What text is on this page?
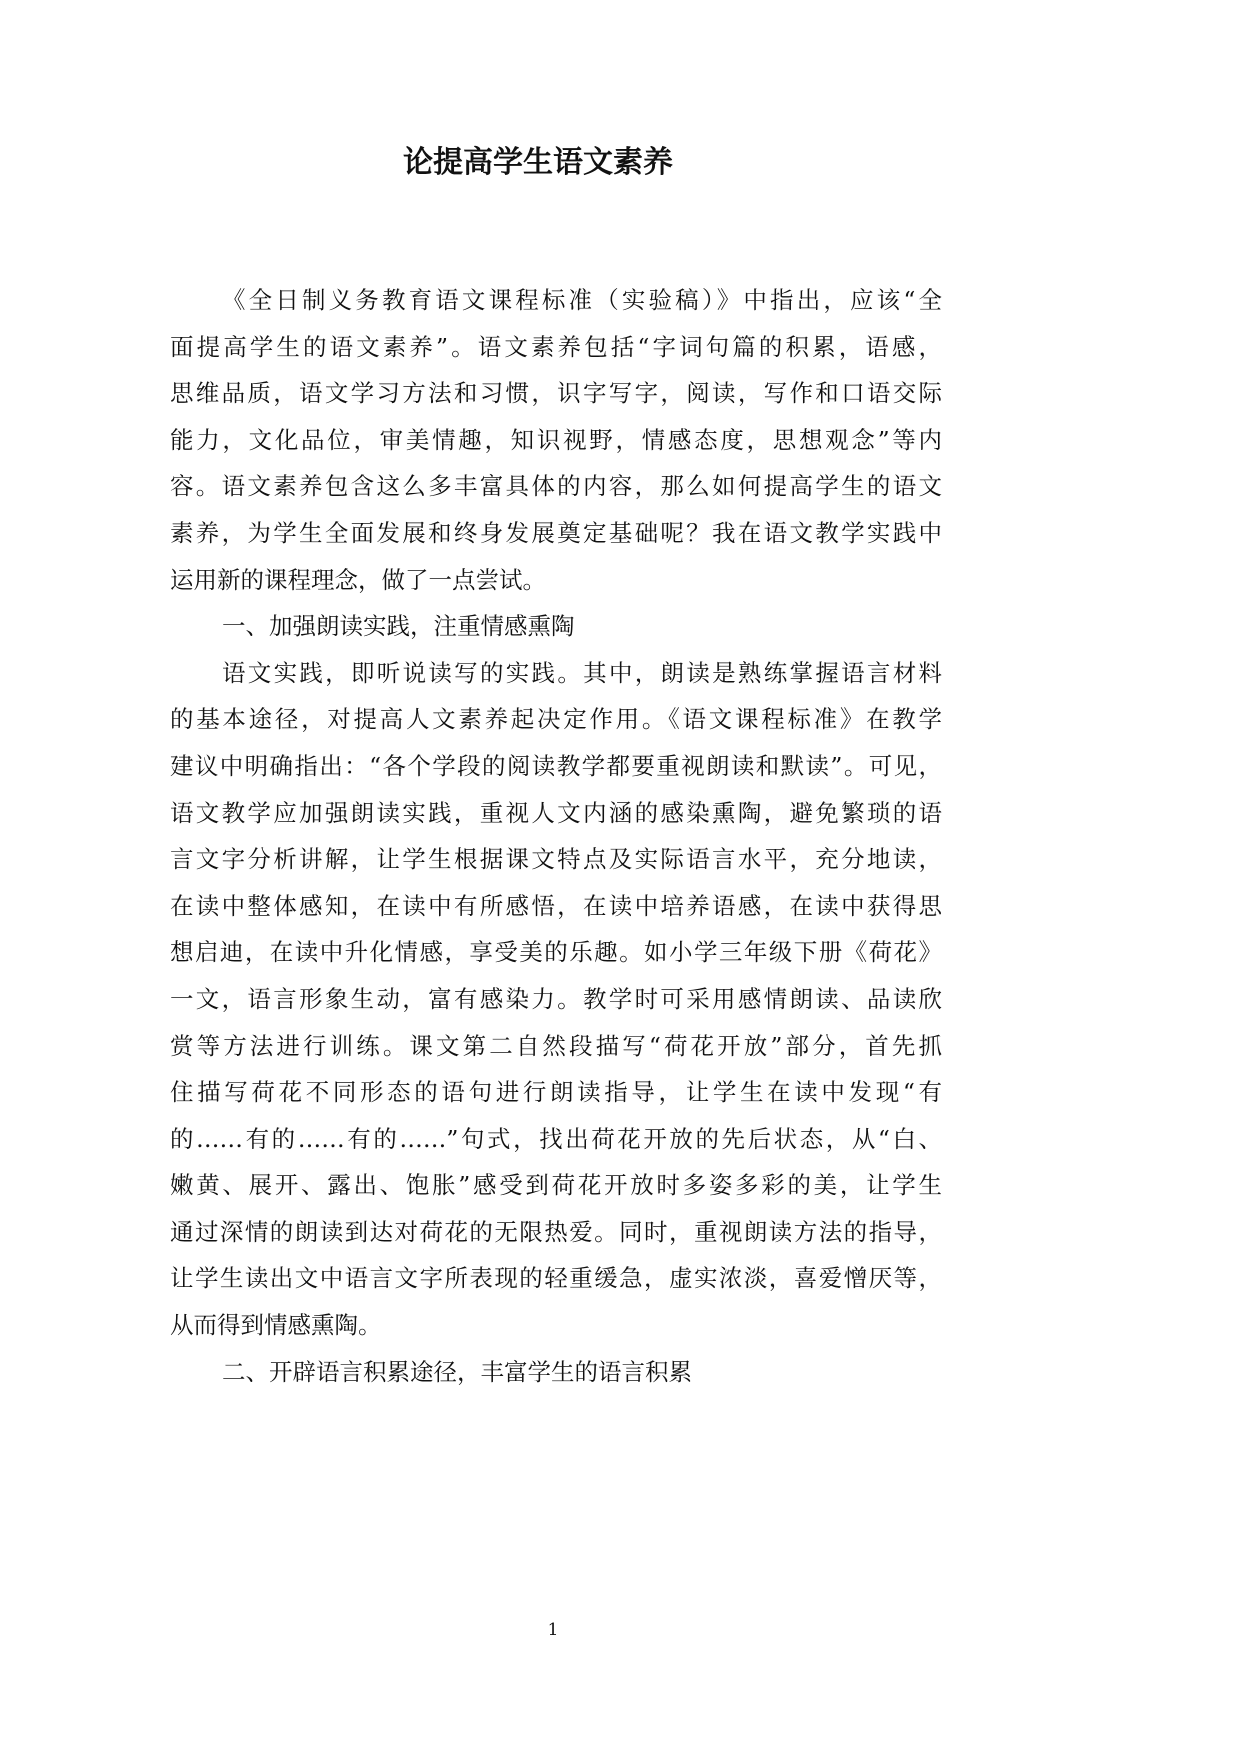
论提高学生语文素养
《全日制义务教育语文课程标准（实验稿）》中指出，应该“全
面提高学生的语文素养”。语文素养包括“字词句篇的积累，语感，
思维品质，语文学习方法和习惯，识字写字，阅读，写作和口语交际
能力，文化品位，审美情趣，知识视野，情感态度，思想观念”等内
容。语文素养包含这么多丰富具体的内容，那么如何提高学生的语文
素养，为学生全面发展和终身发展奠定基础呢？我在语文教学实践中
运用新的课程理念，做了一点尝试。
一、加强朗读实践，注重情感熏陶
语文实践，即听说读写的实践。其中，朗读是熟练掌握语言材料
的基本途径，对提高人文素养起决定作用。《语文课程标准》在教学
建议中明确指出：“各个学段的阅读教学都要重视朗读和默读”。可见，
语文教学应加强朗读实践，重视人文内涵的感染熏陶，避免繁琐的语
言文字分析讲解，让学生根据课文特点及实际语言水平，充分地读，
在读中整体感知，在读中有所感悟，在读中培养语感，在读中获得思
想启迪，在读中升化情感，享受美的乐趣。如小学三年级下册《荷花》
一文，语言形象生动，富有感染力。教学时可采用感情朗读、品读欣
赏等方法进行训练。课文第二自然段描写“荷花开放”部分，首先抓
住描写荷花不同形态的语句进行朗读指导，让学生在读中发现“有
的……有的……有的……”句式，找出荷花开放的先后状态，从“白、
嫩黄、展开、露出、饱胀”感受到荷花开放时多姿多彩的美，让学生
通过深情的朗读到达对荷花的无限热爱。同时，重视朗读方法的指导，
让学生读出文中语言文字所表现的轻重缓急，虚实浓淡，喜爱憎厌等，
从而得到情感熏陶。
二、开辟语言积累途径，丰富学生的语言积累
1
